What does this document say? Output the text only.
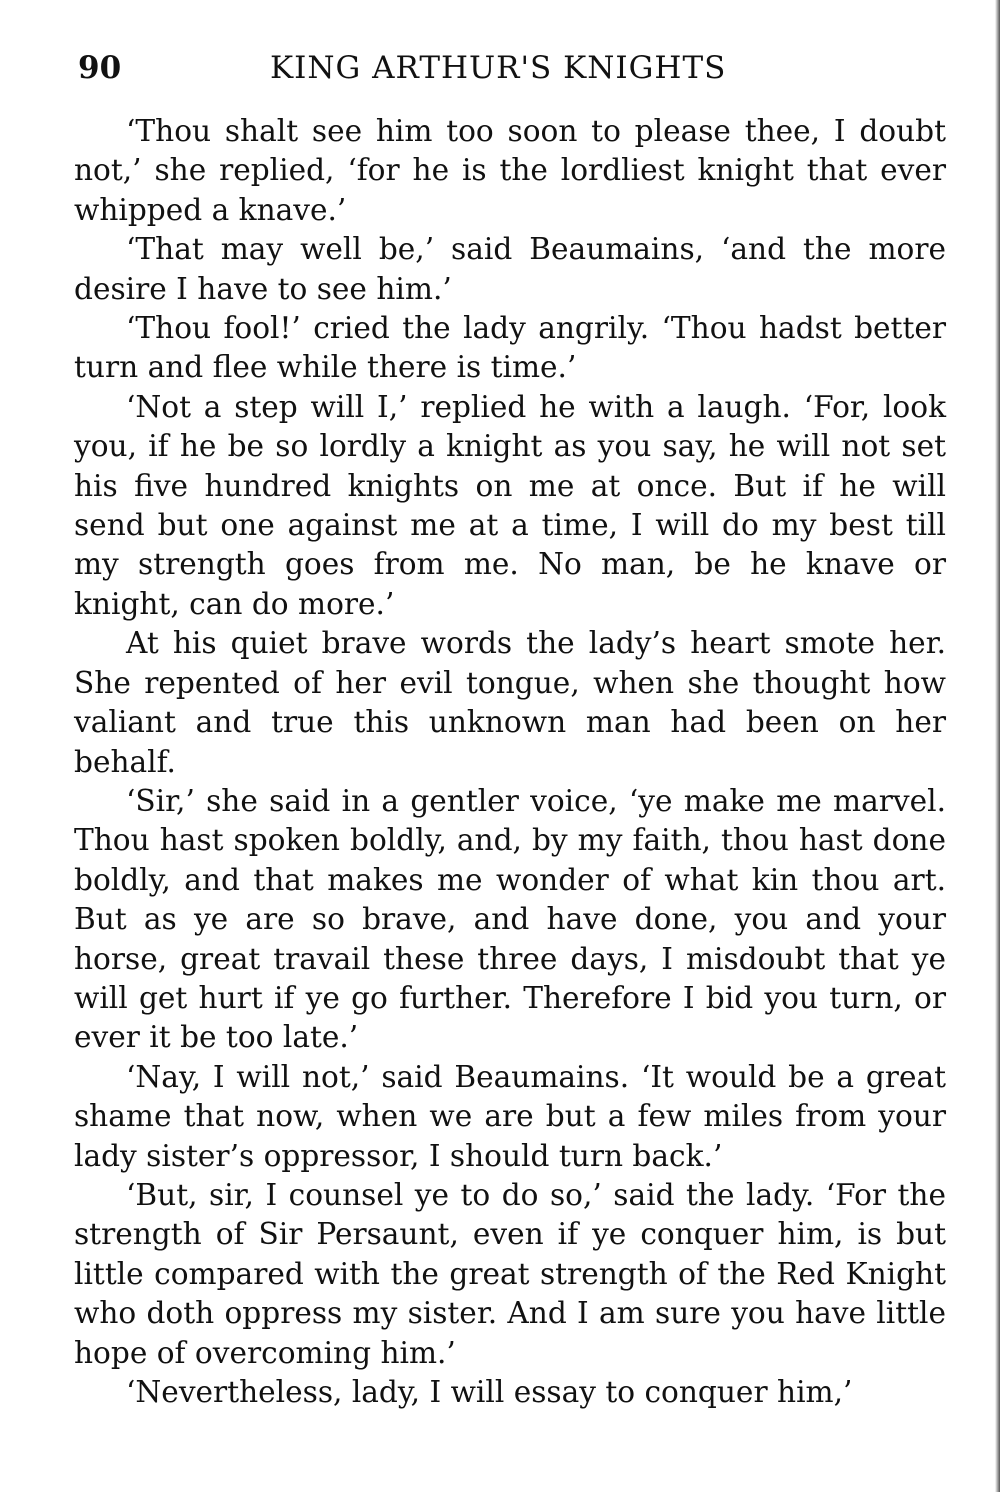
90	KING ARTHUR'S KNIGHTS

‘Thou shalt see him too soon to please thee, I doubt not,’ she replied, ‘for he is the lordliest knight that ever whipped a knave.’

‘That may well be,’ said Beaumains, ‘and the more desire I have to see him.’

‘Thou fool!’ cried the lady angrily. ‘Thou hadst better turn and flee while there is time.’

‘Not a step will I,’ replied he with a laugh. ‘For, look you, if he be so lordly a knight as you say, he will not set his five hundred knights on me at once. But if he will send but one against me at a time, I will do my best till my strength goes from me. No man, be he knave or knight, can do more.’

At his quiet brave words the lady’s heart smote her. She repented of her evil tongue, when she thought how valiant and true this unknown man had been on her behalf.

‘Sir,’ she said in a gentler voice, ‘ye make me marvel. Thou hast spoken boldly, and, by my faith, thou hast done boldly, and that makes me wonder of what kin thou art. But as ye are so brave, and have done, you and your horse, great travail these three days, I misdoubt that ye will get hurt if ye go further. Therefore I bid you turn, or ever it be too late.’

‘Nay, I will not,’ said Beaumains. ‘It would be a great shame that now, when we are but a few miles from your lady sister’s oppressor, I should turn back.’

‘But, sir, I counsel ye to do so,’ said the lady. ‘For the strength of Sir Persaunt, even if ye conquer him, is but little compared with the great strength of the Red Knight who doth oppress my sister. And I am sure you have little hope of overcoming him.’

‘Nevertheless, lady, I will essay to conquer him,’
